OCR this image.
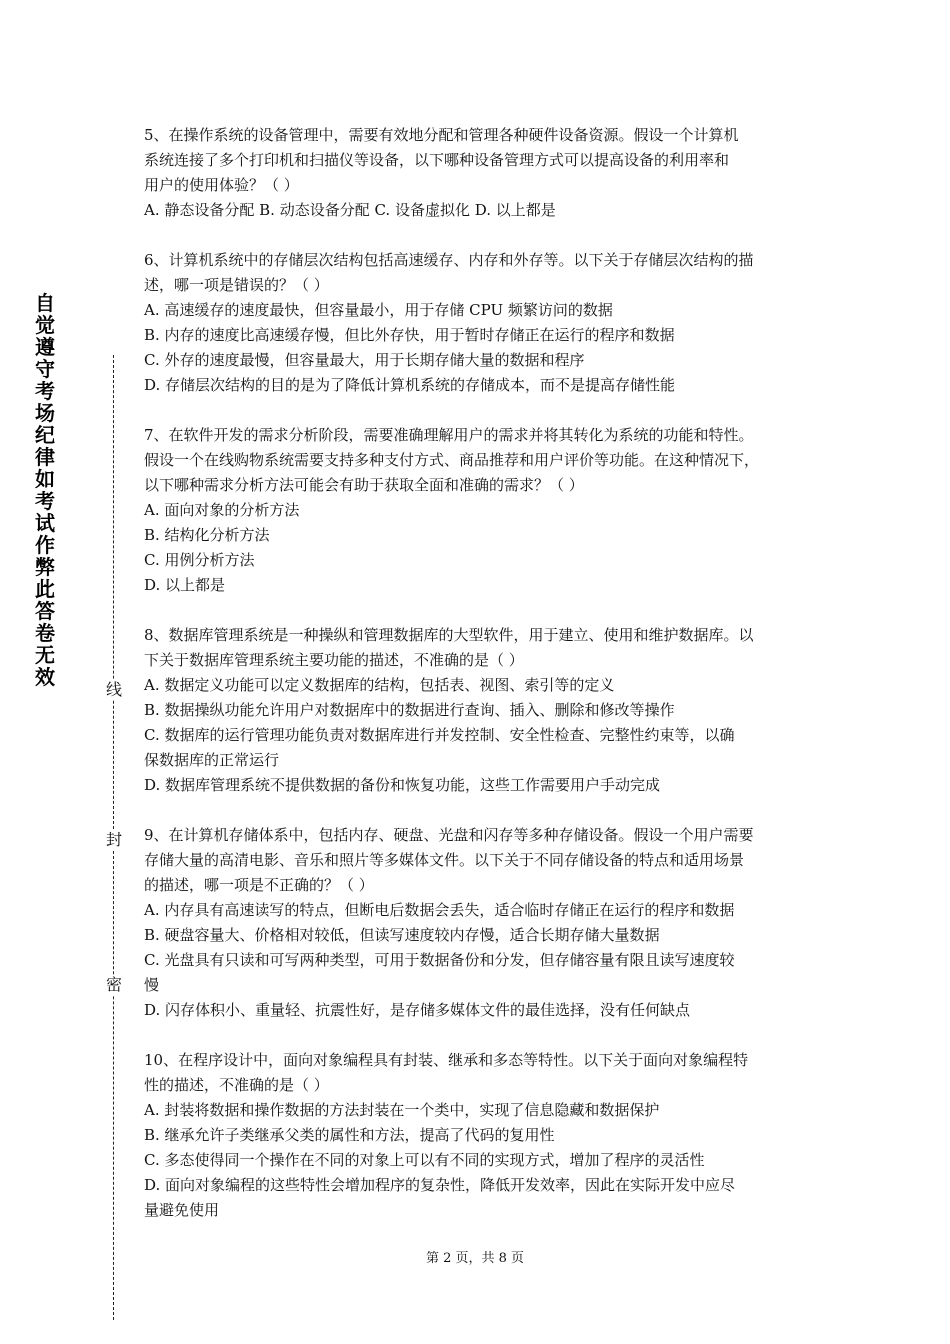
自觉遵守考场纪律如考试作弊此答卷无效
线
封
密

5、在操作系统的设备管理中，需要有效地分配和管理各种硬件设备资源。假设一个计算机

系统连接了多个打印机和扫描仪等设备，以下哪种设备管理方式可以提高设备的利用率和

用户的使用体验？（ ）

A. 静态设备分配 B. 动态设备分配 C. 设备虚拟化 D. 以上都是

6、计算机系统中的存储层次结构包括高速缓存、内存和外存等。以下关于存储层次结构的描

述，哪一项是错误的？（ ）

A. 高速缓存的速度最快，但容量最小，用于存储 CPU 频繁访问的数据

B. 内存的速度比高速缓存慢，但比外存快，用于暂时存储正在运行的程序和数据

C. 外存的速度最慢，但容量最大，用于长期存储大量的数据和程序

D. 存储层次结构的目的是为了降低计算机系统的存储成本，而不是提高存储性能

7、在软件开发的需求分析阶段，需要准确理解用户的需求并将其转化为系统的功能和特性。

假设一个在线购物系统需要支持多种支付方式、商品推荐和用户评价等功能。在这种情况下，

以下哪种需求分析方法可能会有助于获取全面和准确的需求？（ ）

A. 面向对象的分析方法

B. 结构化分析方法

C. 用例分析方法

D. 以上都是

8、数据库管理系统是一种操纵和管理数据库的大型软件，用于建立、使用和维护数据库。以

下关于数据库管理系统主要功能的描述，不准确的是（ ）

A. 数据定义功能可以定义数据库的结构，包括表、视图、索引等的定义

B. 数据操纵功能允许用户对数据库中的数据进行查询、插入、删除和修改等操作

C. 数据库的运行管理功能负责对数据库进行并发控制、安全性检查、完整性约束等，以确

保数据库的正常运行

D. 数据库管理系统不提供数据的备份和恢复功能，这些工作需要用户手动完成

9、在计算机存储体系中，包括内存、硬盘、光盘和闪存等多种存储设备。假设一个用户需要

存储大量的高清电影、音乐和照片等多媒体文件。以下关于不同存储设备的特点和适用场景

的描述，哪一项是不正确的？（ ）

A. 内存具有高速读写的特点，但断电后数据会丢失，适合临时存储正在运行的程序和数据

B. 硬盘容量大、价格相对较低，但读写速度较内存慢，适合长期存储大量数据

C. 光盘具有只读和可写两种类型，可用于数据备份和分发，但存储容量有限且读写速度较

慢

D. 闪存体积小、重量轻、抗震性好，是存储多媒体文件的最佳选择，没有任何缺点

10、在程序设计中，面向对象编程具有封装、继承和多态等特性。以下关于面向对象编程特

性的描述，不准确的是（ ）

A. 封装将数据和操作数据的方法封装在一个类中，实现了信息隐藏和数据保护

B. 继承允许子类继承父类的属性和方法，提高了代码的复用性

C. 多态使得同一个操作在不同的对象上可以有不同的实现方式，增加了程序的灵活性

D. 面向对象编程的这些特性会增加程序的复杂性，降低开发效率，因此在实际开发中应尽

量避免使用

第 2 页，共 8 页
